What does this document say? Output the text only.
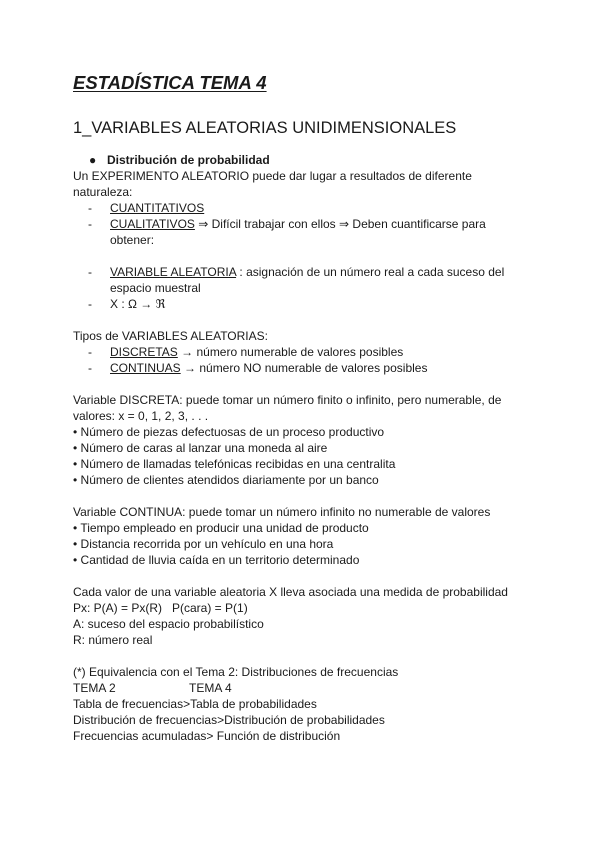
ESTADÍSTICA TEMA 4
1_VARIABLES ALEATORIAS UNIDIMENSIONALES
● Distribución de probabilidad
Un EXPERIMENTO ALEATORIO puede dar lugar a resultados de diferente
naturaleza:
-	CUANTITATIVOS
-	CUALITATIVOS ⇒ Difícil trabajar con ellos ⇒ Deben cuantificarse para
obtener:
-	VARIABLE ALEATORIA : asignación de un número real a cada suceso del
espacio muestral
-	X : Ω → ℜ
Tipos de VARIABLES ALEATORIAS:
-	DISCRETAS → número numerable de valores posibles
-	CONTINUAS → número NO numerable de valores posibles
Variable DISCRETA: puede tomar un número finito o infinito, pero numerable, de
valores: x = 0, 1, 2, 3, . . .
• Número de piezas defectuosas de un proceso productivo
• Número de caras al lanzar una moneda al aire
• Número de llamadas telefónicas recibidas en una centralita
• Número de clientes atendidos diariamente por un banco
Variable CONTINUA: puede tomar un número infinito no numerable de valores
• Tiempo empleado en producir una unidad de producto
• Distancia recorrida por un vehículo en una hora
• Cantidad de lluvia caída en un territorio determinado
Cada valor de una variable aleatoria X lleva asociada una medida de probabilidad
Px: P(A) = Px(R)   P(cara) = P(1)
A: suceso del espacio probabilístico
R: número real
(*) Equivalencia con el Tema 2: Distribuciones de frecuencias
TEMA 2	TEMA 4
Tabla de frecuencias>Tabla de probabilidades
Distribución de frecuencias>Distribución de probabilidades
Frecuencias acumuladas> Función de distribución
